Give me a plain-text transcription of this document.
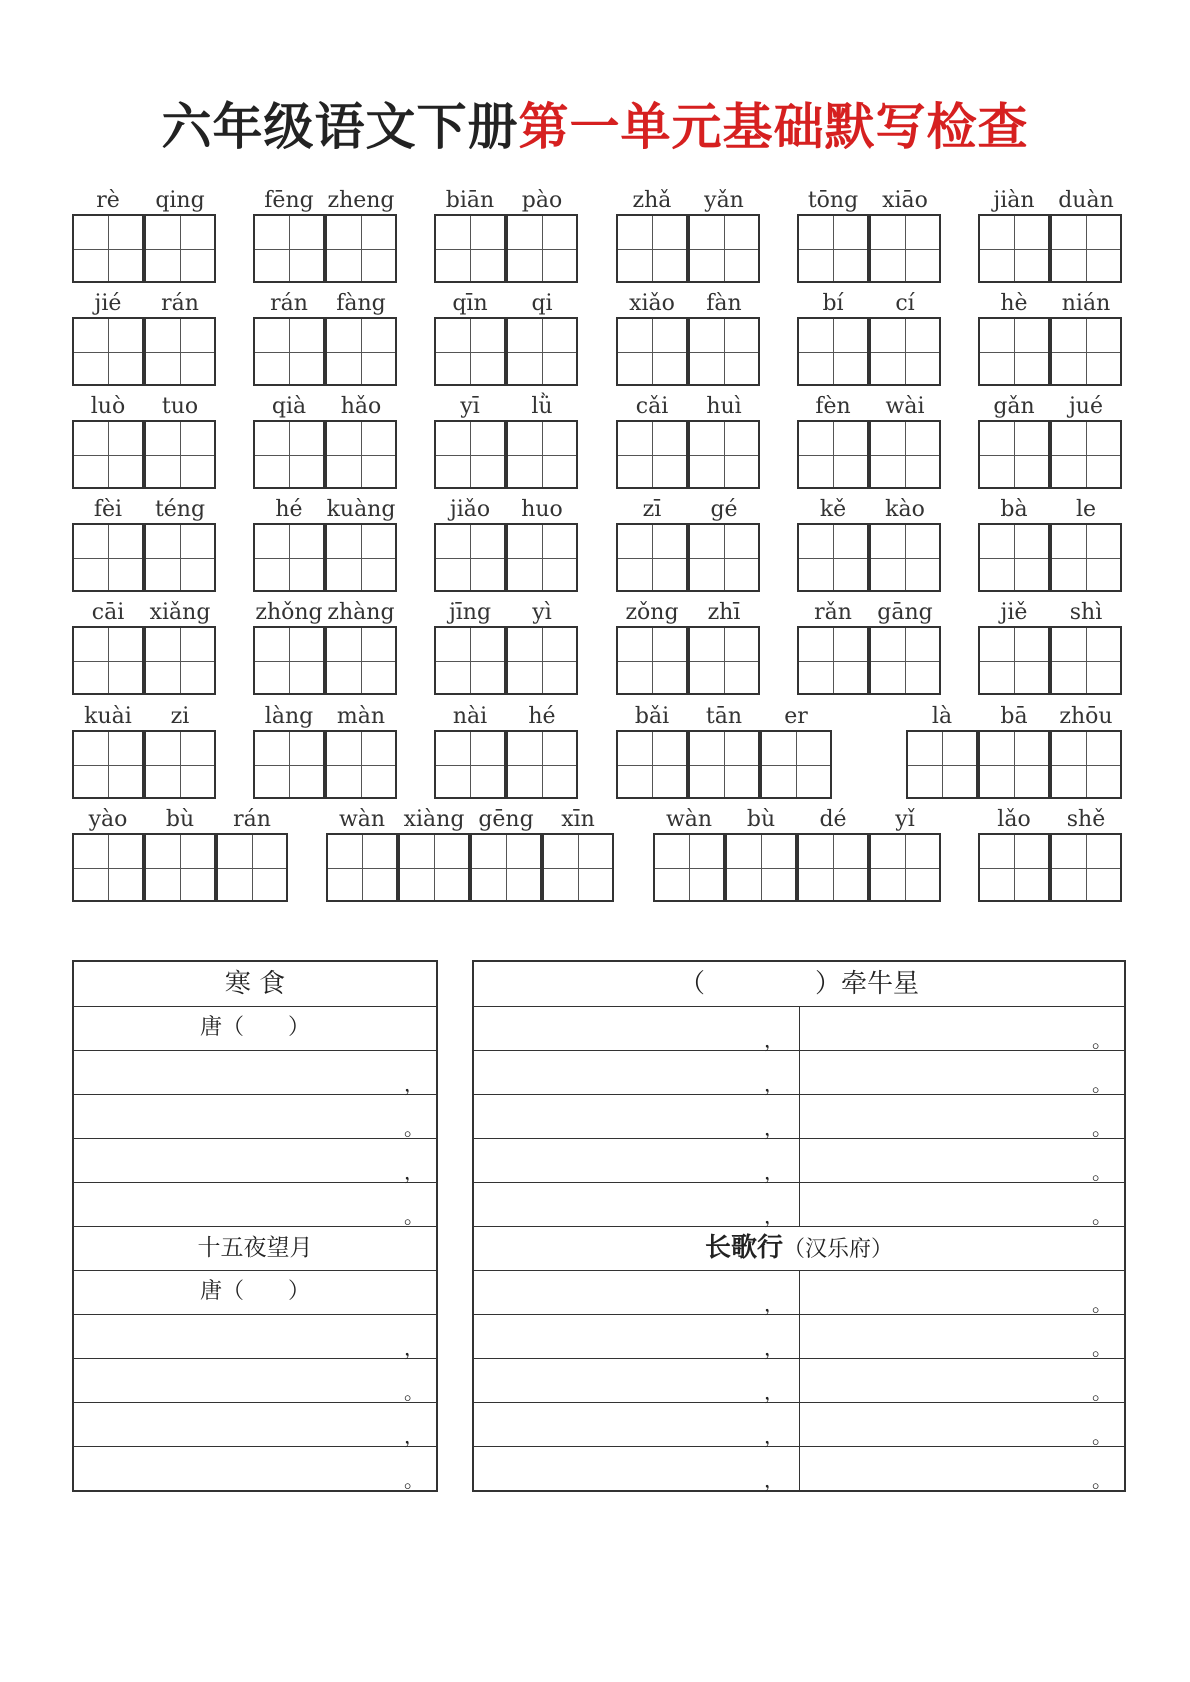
六年级语文下册第一单元基础默写检查
rè	qing	fēng zheng	biān	pào	zhǎ	yǎn	tōng	xiāo	jiàn	duàn
jié	rán	rán	fàng	qīn	qi	xiǎo	fàn	bí	cí	hè	nián
luò	tuo	qià	hǎo	yī	lǜ	cǎi	huì	fèn	wài	gǎn	jué
fèi	téng	hé	kuàng	jiǎo	huo	zī	gé	kě	kào	bà	le
cāi	xiǎng zhǒng zhàng	jīng	yì	zǒng	zhī	rǎn	gāng	jiě	shì
kuài	zi	làng	màn	nài	hé	bǎi	tān	er	là	bā	zhōu
yào	bù	rán	wàn xiàng gēng	xīn	wàn	bù	dé	yǐ	lǎo	shě
寒 食
唐（　　）
，
。
，
。
十五夜望月
唐（　　）
，
。
，
。
（	）牵牛星
长歌行（汉乐府）
，	。
，	。
，	。
，	。
，	。
，	。
，	。
，	。
，	。
，	。
